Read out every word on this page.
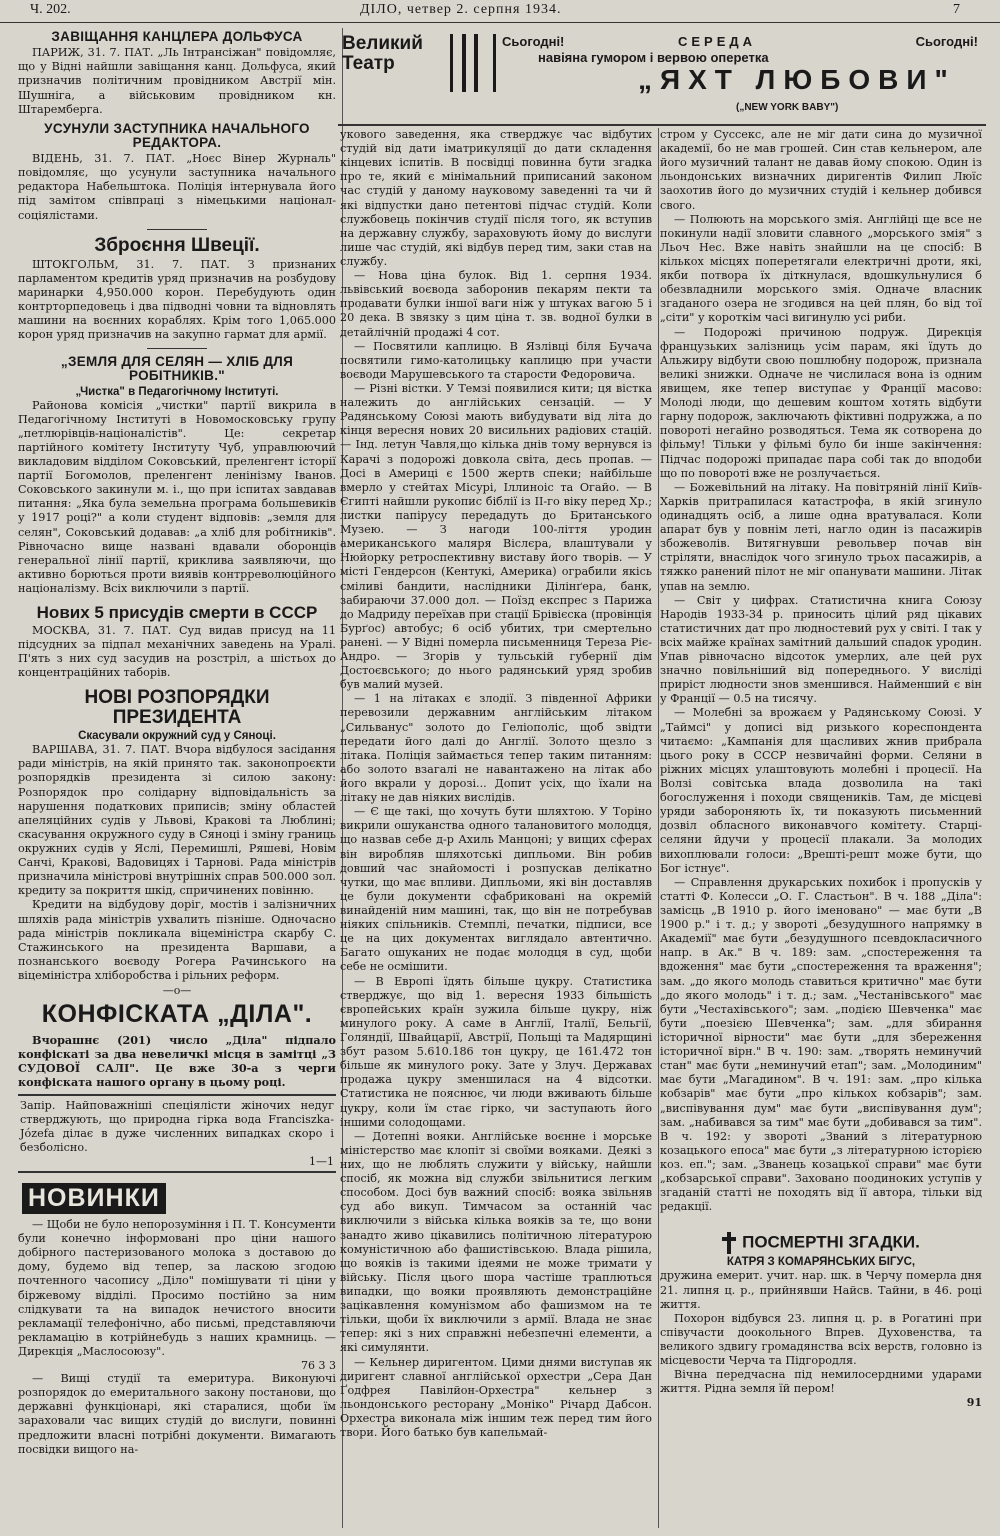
Ч. 202.	ДІЛО, четвер 2. серпня 1934.	7
ЗАВІЩАННЯ КАНЦЛЕРА ДОЛЬФУСА

ПАРИЖ, 31. 7. ПАТ. „Ль Інтрансіжан" повідомляє, що у Відні найшли завіщання канц. Дольфуса, який призначив політичним провідником Австрії мін. Шушніга, а військовим провідником кн. Штаремберга.

УСУНУЛИ ЗАСТУПНИКА НАЧАЛЬНОГО РЕДАКТОРА.

ВІДЕНЬ, 31. 7. ПАТ. „Ноєс Вінер Журналь" повідомляє, що усунули заступника начального редактора Набельштока. Поліція інтернувала його під замітом співпраці з німецькими націонал-соціялістами.

Зброєння Швеції.

ШТОКГОЛЬМ, 31. 7. ПАТ. З признаних парламентом кредитів уряд призначив на розбудову маринарки 4,950.000 корон. Перебудують один контрторпедовець і два підводні човни та відновлять машини на воєнних кораблях. Крім того 1,065.000 корон уряд призначив на закупно гармат для армії.

„ЗЕМЛЯ ДЛЯ СЕЛЯН — ХЛІБ ДЛЯ РОБІТНИКІВ."
„Чистка" в Педагогічному Інституті.

Районова комісія „чистки" партії викрила в Педагогічному Інституті в Новомосковську групу „петлюрівців-націоналістів". Це: секретар партійного комітету Інституту Чуб, управлюючий викладовим відділом Соковський, преленгент історії партії Богомолов, преленгент ленінізму Іванов. Соковського закинули м. і., що при іспитах завдавав питання: „Яка була земельна програма большевиків у 1917 році?" а коли студент відповів: „земля для селян", Соковський додавав: „а хліб для робітників". Рівночасно вище названі вдавали оборонців генеральної лінії партії, криклива заявляючи, що активно борються проти виявів контрреволюційного націоналізму. Всіх виключили з партії.

Нових 5 присудів смерти в СССР

МОСКВА, 31. 7. ПАТ. Суд видав присуд на 11 підсудних за підпал механічних заведень на Уралі. П'ять з них суд засудив на розстріл, а шістьох до концентраційних таборів.

НОВІ РОЗПОРЯДКИ ПРЕЗИДЕНТА
Скасували окружний суд у Сяноці.

ВАРШАВА, 31. 7. ПАТ. Вчора відбулося засідання ради міністрів, на якій принято так. законопроєкти розпорядків президента зі силою закону: Розпорядок про солідарну відповідальність за нарушення податкових приписів; зміну областей апеляційних судів у Львові, Кракові та Люблині; скасування окружного суду в Сяноці і зміну границь окружних судів у Яслі, Перемишлі, Ряшеві, Новім Санчі, Кракові, Вадовицях і Тарнові. Рада міністрів призначила міністрові внутрішніх справ 500.000 зол. кредиту за покриття шкід, спричинених повінню.

Кредити на відбудову доріг, мостів і залізничних шляхів рада міністрів ухвалить пізніше. Одночасно рада міністрів покликала віцеміністра скарбу С. Стажинського на президента Варшави, а познанського воєводу Рогера Рачинського на віцеміністра хліборобства і рільних реформ.

—o—
КОНФІСКАТА „ДІЛА".

Вчорашнє (201) число „Діла" підпало конфіскаті за два невеличкі місця в замітці „З СУДОВОЇ САЛІ". Це вже 30-а з черги конфіската нашого органу в цьому році.

Запір. Найповажніші спеціялісти жіночих недуг стверджують, що природна гірка вода Franciszka-Józefa ділає в дуже численних випадках скоро і безболісно.

1—1
НОВИНКИ

— Щоби не було непорозуміння і П. Т. Консументи були конечно інформовані про ціни нашого добірного пастеризованого молока з доставою до дому, будемо від тепер, за ласкою згодою почтенного часопису „Діло" помішувати ті ціни у біржевому відділі. Просимо постійно за ним слідкувати та на випадок нечистого вносити рекламації телефонічно, або письмі, представляючи рекламацію в котрійнебудь з наших крамниць. — Дирекція „Маслосоюзу".

76 3 3

— Вищі студії та емеритура. Виконуючі розпорядок до емеритального закону постанови, що державні функціонарі, які старалися, щоби їм зараховали час вищих студій до вислуги, повинні предложити власні потрібні документи. Вимагають посвідки вищого на-

Великий
Театр
Сьогодні!	СЕРЕДА	Сьогодні!
навіяна гумором і вервою оперетка
„ЯХТ ЛЮБОВИ"
(„NEW YORK BABY")

укового заведення, яка стверджує час відбутих студій від дати іматрикуляції до дати складення кінцевих іспитів. В посвідці повинна бути згадка про те, який є мінімальний приписаний законом час студій у даному науковому заведенні та чи й які відпустки дано петентові підчас студій. Коли службовець покінчив студії після того, як вступив на державну службу, зараховують йому до вислуги лише час студій, які відбув перед тим, заки став на службу.

— Нова ціна булок. Від 1. серпня 1934. львівський воєвода заборонив пекарям пекти та продавати булки іншої ваги ніж у штуках вагою 5 і 20 дека. В звязку з цим ціна т. зв. водної булки в детайлічній продажі 4 сот.

— Посвятили каплицю. В Язлівці біля Бучача посвятили гимо-католицьку каплицю при участи воєводи Марушевського та старости Федоровича.

— Різні вістки. У Темзі появилися кити; ця вістка належить до англійських сензацій. — У Радянському Союзі мають вибудувати від літа до кінця вересня нових 20 висильних радіових стацій.— Інд. летун Чавля,що кілька днів тому вернувся із Карачі з подорожі довкола світа, десь пропав. — Досі в Америці є 1500 жертв спеки; найбільше вмерло у стейтах Місурі, Іллиноіс та Огайо. — В Єгипті найшли рукопис біблії із II-го віку перед Хр.; листки папірусу передадуть до Британського Музею. — З нагоди 100-ліття уродин американського маляря Віслєра, влаштували у Нюйорку ретроспективну виставу його творів. — У місті Гендерсон (Кентукі, Америка) ограбили якісь сміливі бандити, наслідники Ділінґера, банк, забираючи 37.000 дол. — Поїзд експрес з Парижа до Мадриду переїхав при стації Брівієска (провінція Бурґос) автобус; 6 осіб убитих, три смертельно ранені. — У Відні померла письменниця Тереза Ріє-Андро. — Згорів у тульській губернії дім Достоєвського; до нього радянський уряд зробив був малий музей.

— 1 на літаках є злодії. З південної Африки перевозили державним англійським літаком „Сильванус" золото до Геліополіс, щоб звідти передати його далі до Англії. Золото щезло з літака. Поліція займається тепер таким питанням: або золото взагалі не навантажено на літак або його вкрали у дорозі... Допит усіх, що їхали на літаку не дав ніяких вислідів.

— Є ще такі, що хочуть бути шляхтою. У Торіно викрили ошуканства одного талановитого молодця, що назвав себе д-р Ахиль Манцоні; у вищих сферах він виробляв шляхотські дипльоми. Він робив довший час знайомості і розпускав делікатно чутки, що має впливи. Дипльоми, які він доставляв це були документи сфабриковані на окремій винайденій ним машині, так, що він не потребував ніяких спільників. Стемплі, печатки, підписи, все це на цих документах виглядало автентично. Багато ошуканих не подає молодця в суд, щоби себе не осмішити.

— В Европі їдять більше цукру. Статистика стверджує, що від 1. вересня 1933 більшість європейських країн зужила більше цукру, ніж минулого року. А саме в Англії, Італії, Бельгії, Голяндії, Швайцарії, Австрії, Польщі та Мадярщині збут разом 5.610.186 тон цукру, це 161.472 тон більше як минулого року. Зате у Злуч. Державах продажа цукру зменшилася на 4 відсотки. Статистика не пояснює, чи люди вживають більше цукру, коли їм стає гірко, чи заступають його іншими солодощами.

— Дотепні вояки. Англійське воєнне і морське міністерство має клопіт зі своїми вояками. Деякі з них, що не люблять служити у війську, найшли спосіб, як можна від служби звільнитися легким способом. Досі був важний спосіб: вояка звільняв суд або викуп. Тимчасом за останній час виключили з війська кілька вояків за те, що вони занадто живо цікавились політичною літературою комуністичною або фашистівською. Влада рішила, що вояків із такими ідеями не може тримати у війську. Після цього шора частіше траплються випадки, що вояки проявляють демонстраційне зацікавлення комунізмом або фашизмом на те тільки, щоби їх виключили з армії. Влада не знає тепер: які з них справжні небезпечні елементи, а які симулянти.

— Кельнер диригентом. Цими днями виступав як диригент славної англійської орхестри „Сера Дан Ґодфрея Павілйон-Орхестра" кельнер з льондонського ресторану „Моніко" Річард Дабсон. Орхестра виконала між іншим теж перед тим його твори. Його батько був капельмай-

стром у Суссекс, але не міг дати сина до музичної академії, бо не мав грошей. Син став кельнером, але його музичний талант не давав йому спокою. Один із льондонських визначних диригентів Филип Люїс заохотив його до музичних студій і кельнер добився свого.

— Полюють на морського змія. Англійці ще все не покинули надії зловити славного „морського змія" з Льоч Нес. Вже навіть знайшли на це спосіб: В кількох місцях поперетягали електричні дроти, які, якби потвора їх діткнулася, вдошкульнулися б обезвладнили морського змія. Одначе власник згаданого озера не згодився на цей плян, бо від тої „сіти" у короткім часі вигинулю усі риби.

— Подорожі причиною подруж. Дирекція французьких залізниць усім парам, які їдуть до Альжиру відбути свою пошлюбну подорож, признала великі знижки. Одначе не числилася вона із одним явищем, яке тепер виступає у Франції масово: Молоді люди, що дешевим коштом хотять відбути гарну подорож, заключають фіктивні подружжа, а по повороті негайно розводяться. Тема як сотворена до фільму! Тільки у фільмі було би інше закінчення: Підчас подорожі припадає пара собі так до вподоби що по повороті вже не розлучається.

— Божевільний на літаку. На повітряній лінії Київ-Харків притрапилася катастрофа, в якій згинуло одинадцять осіб, а лише одна вратувалася. Коли апарат був у повнім леті, нагло один із пасажирів збожеволів. Витягнувши револьвер почав він стріляти, внаслідок чого згинуло трьох пасажирів, а тяжко ранений пілот не міг опанувати машини. Літак упав на землю.

— Світ у цифрах. Статистична книга Союзу Народів 1933-34 р. приносить цілий ряд цікавих статистичних дат про людностевий рух у світі. І так у всіх майже країнах замітний дальший спадок уродин. Упав рівночасно відсоток умерлих, але цей рух значно повільніший від попереднього. У висліді приріст людности знов зменшився. Найменший є він у Франції — 0.5 на тисячу.

— Молебні за врожаєм у Радянському Союзі. У „Таймсі" у дописі від ризького кореспондента читаємо: „Кампанія для щасливих жнив прибрала цього року в СССР незвичайні форми. Селяни в ріжних місцях улаштовують молебні і процесії. На Волзі совітська влада дозволила на такі богослуження і походи священиків. Там, де місцеві уряди забороняють їх, ти показують письменний дозвіл обласного виконавчого комітету. Старці-селяни йдучи у процесії плакали. За молодих вихоплювали голоси: „Врешті-решт може бути, що Бог істнує".

— Справлення друкарських похибок і пропусків у статті Ф. Колесси „О. Г. Сластьон". В ч. 188 „Діла": замісць „В 1910 р. його іменовано" — має бути „В 1900 р." і т. д.; у звороті „безудушного напрямку в Академії" має бути „безудушного псевдокласичного напр. в Ак." В ч. 189: зам. „спостереження та вдоження" має бути „спостереження та враження"; зам. „до якого молодь ставиться критично" має бути „до якого молодь" і т. д.; зам. „Честанівського" має бути „Честахівського"; зам. „подією Шевченка" має бути „поезією Шевченка"; зам. „для збирання історичної вірности" має бути „для збереження історичної вірн." В ч. 190: зам. „творять неминучий стан" має бути „неминучий етап"; зам. „Молодиним" має бути „Магадином". В ч. 191: зам. „про кілька кобзарів" має бути „про кількох кобзарів"; зам. „виспівування дум" має бути „виспівування дум"; зам. „набивався за тим" має бути „добивався за тим". В ч. 192: у звороті „Званий з літературною козацького епоса" має бути „з літературною історією коз. еп."; зам. „Званець козацької справи" має бути „кобзарської справи". Заховано поодиноких уступів у згаданій статті не походять від її автора, тільки від редакції.

ПОСМЕРТНІ ЗГАДКИ.
КАТРЯ З КОМАРЯНСЬКИХ БІГУС,

дружина емерит. учит. нар. шк. в Черчу померла дня 21. липня ц. р., прийнявши Найсв. Тайни, в 46. році життя.

Похорон відбувся 23. липня ц. р. в Рогатині при співучасти доокольного Впрев. Духовенства, та великого здвигу громадянства всіх верств, головно із місцевости Черча та Підгородля.

Вічна передчасна під немилосердними ударами життя. Рідна земля їй пером!

91
